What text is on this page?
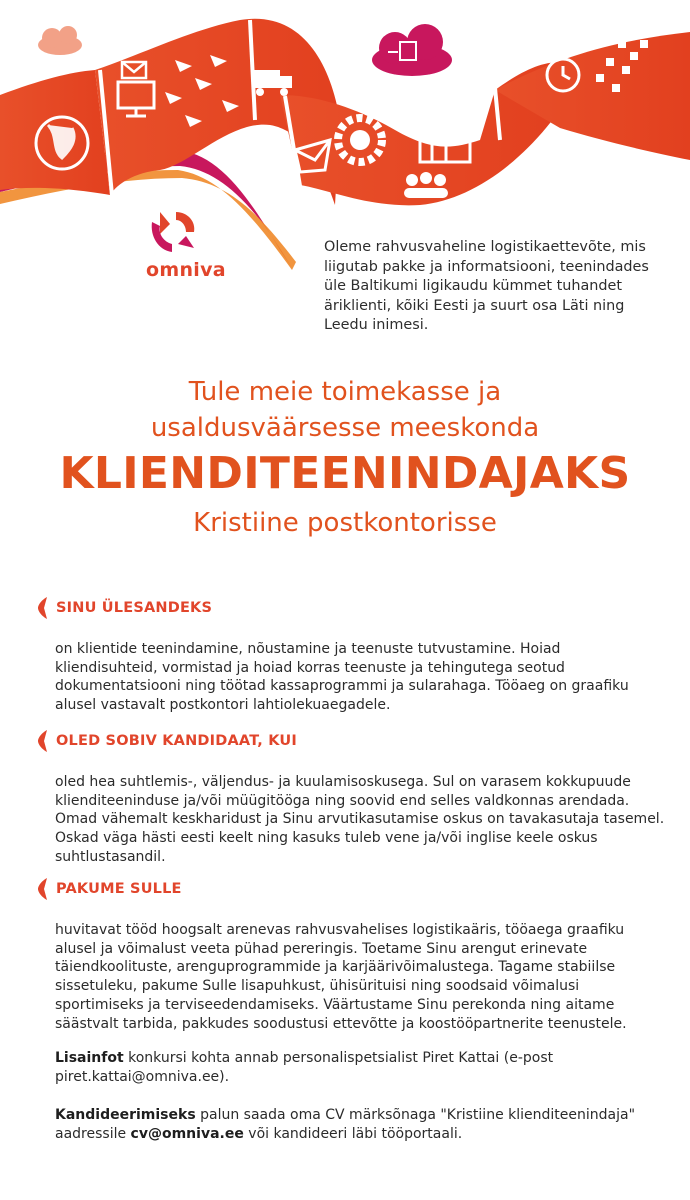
omniva
Oleme rahvusvaheline logistikaettevõte, mis liigutab pakke ja informatsiooni, teenindades üle Baltikumi ligikaudu kümmet tuhandet äriklienti, kõiki Eesti ja suurt osa Läti ning Leedu inimesi.
Tule meie toimekasse ja
usaldusväärsesse meeskonda
KLIENDITEENINDAJAKS
Kristiine postkontorisse
SINU ÜLESANDEKS
on klientide teenindamine, nõustamine ja teenuste tutvustamine. Hoiad kliendisuhteid, vormistad ja hoiad korras teenuste ja tehingutega seotud dokumentatsiooni ning töötad kassaprogrammi ja sularahaga. Tööaeg on graafiku alusel vastavalt postkontori lahtiolekuaegadele.
OLED SOBIV KANDIDAAT, KUI
oled hea suhtlemis-, väljendus- ja kuulamisoskusega. Sul on varasem kokkupuude klienditeeninduse ja/või müügitööga ning soovid end selles valdkonnas arendada. Omad vähemalt keskharidust ja Sinu arvutikasutamise oskus on tavakasutaja tasemel. Oskad väga hästi eesti keelt ning kasuks tuleb vene ja/või inglise keele oskus suhtlustasandil.
PAKUME SULLE
huvitavat tööd hoogsalt arenevas rahvusvahelises logistikaäris, tööaega graafiku alusel ja võimalust veeta pühad pereringis. Toetame Sinu arengut erinevate täiendkoolituste, arenguprogrammide ja karjäärivõimalustega. Tagame stabiilse sissetuleku, pakume Sulle lisapuhkust, ühisürituisi ning soodsaid võimalusi sportimiseks ja terviseedendamiseks. Väärtustame Sinu perekonda ning aitame säästvalt tarbida, pakkudes soodustusi ettevõtte ja koostööpartnerite teenustele.
Lisainfot konkursi kohta annab personalispetsialist Piret Kattai (e-post piret.kattai@omniva.ee).
Kandideerimiseks palun saada oma CV märksõnaga "Kristiine klienditeenindaja" aadressile cv@omniva.ee või kandideeri läbi tööportaali.
